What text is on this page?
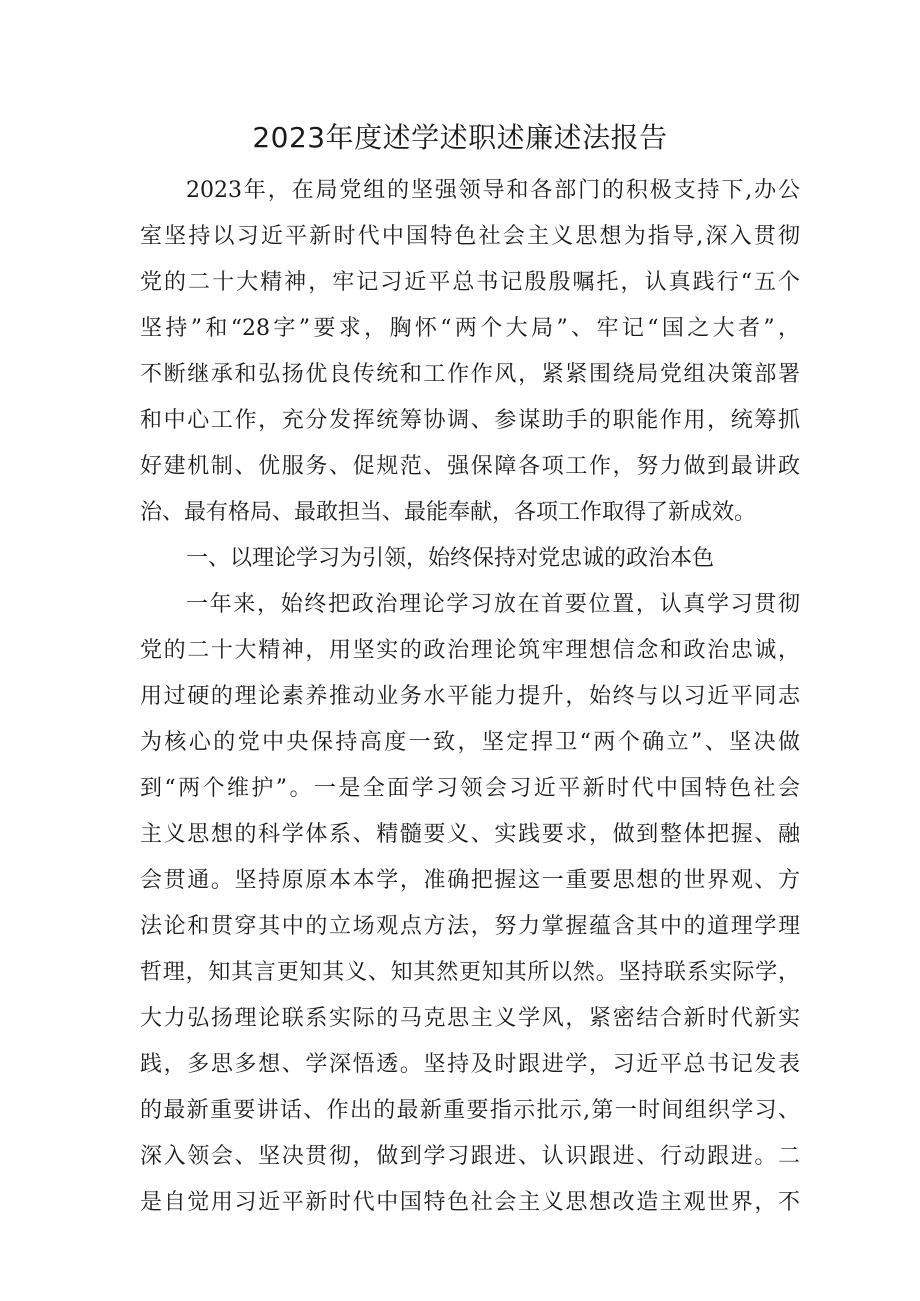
2023年度述学述职述廉述法报告

2023年，在局党组的坚强领导和各部门的积极支持下,办公

室坚持以习近平新时代中国特色社会主义思想为指导,深入贯彻

党的二十大精神，牢记习近平总书记殷殷嘱托，认真践行“五个

坚持”和“28字”要求，胸怀“两个大局”、牢记“国之大者”，

不断继承和弘扬优良传统和工作作风，紧紧围绕局党组决策部署

和中心工作，充分发挥统筹协调、参谋助手的职能作用，统筹抓

好建机制、优服务、促规范、强保障各项工作，努力做到最讲政

治、最有格局、最敢担当、最能奉献，各项工作取得了新成效。

一、以理论学习为引领，始终保持对党忠诚的政治本色

一年来，始终把政治理论学习放在首要位置，认真学习贯彻

党的二十大精神，用坚实的政治理论筑牢理想信念和政治忠诚，

用过硬的理论素养推动业务水平能力提升，始终与以习近平同志

为核心的党中央保持高度一致，坚定捍卫“两个确立”、坚决做

到“两个维护”。一是全面学习领会习近平新时代中国特色社会

主义思想的科学体系、精髓要义、实践要求，做到整体把握、融

会贯通。坚持原原本本学，准确把握这一重要思想的世界观、方

法论和贯穿其中的立场观点方法，努力掌握蕴含其中的道理学理

哲理，知其言更知其义、知其然更知其所以然。坚持联系实际学，

大力弘扬理论联系实际的马克思主义学风，紧密结合新时代新实

践，多思多想、学深悟透。坚持及时跟进学，习近平总书记发表

的最新重要讲话、作出的最新重要指示批示,第一时间组织学习、

深入领会、坚决贯彻，做到学习跟进、认识跟进、行动跟进。二

是自觉用习近平新时代中国特色社会主义思想改造主观世界，不
